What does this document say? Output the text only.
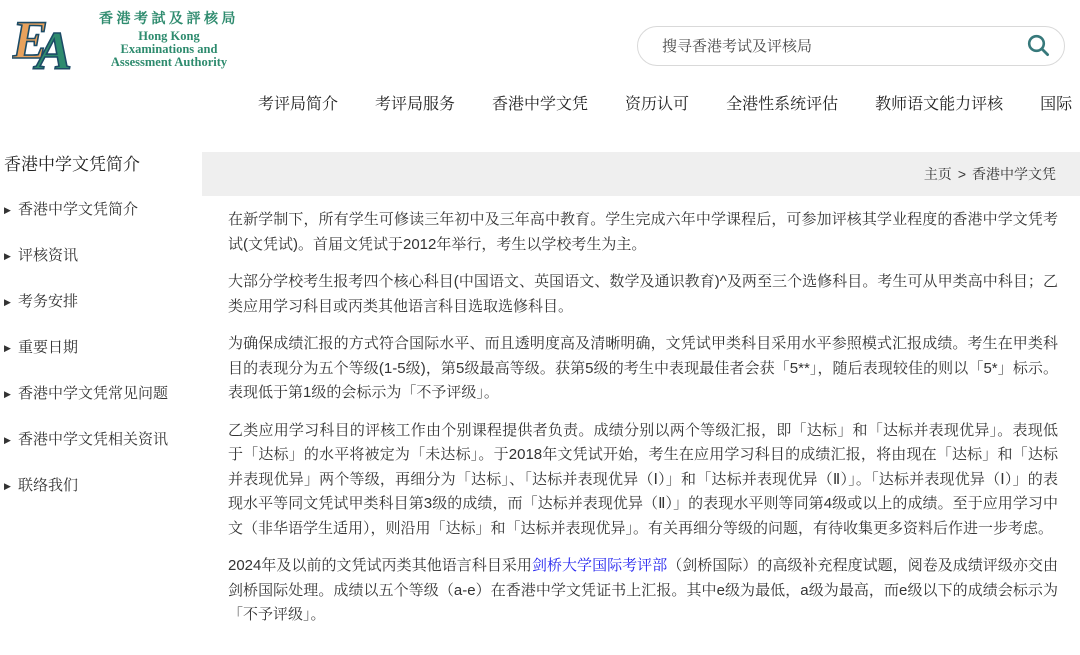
E
A
香港考試及評核局
Hong Kong
Examinations and
Assessment Authority
搜寻香港考试及评核局
考评局简介 考评局服务 香港中学文凭 资历认可 全港性系统评估 教师语文能力评核 国际
主页 > 香港中学文凭
香港中学文凭简介
▶ 香港中学文凭简介
▶ 评核资讯
▶ 考务安排
▶ 重要日期
▶ 香港中学文凭常见问题
▶ 香港中学文凭相关资讯
▶ 联络我们

在新学制下，所有学生可修读三年初中及三年高中教育。学生完成六年中学课程后，可参加评核其学业程度的香港中学文凭考试(文凭试)。首届文凭试于2012年举行，考生以学校考生为主。

大部分学校考生报考四个核心科目(中国语文、英国语文、数学及通识教育)^及两至三个选修科目。考生可从甲类高中科目；乙类应用学习科目或丙类其他语言科目选取选修科目。

为确保成绩汇报的方式符合国际水平、而且透明度高及清晰明确，文凭试甲类科目采用水平参照模式汇报成绩。考生在甲类科目的表现分为五个等级(1-5级)，第5级最高等级。获第5级的考生中表现最佳者会获「5**」，随后表现较佳的则以「5*」标示。表现低于第1级的会标示为「不予评级」。

乙类应用学习科目的评核工作由个别课程提供者负责。成绩分别以两个等级汇报，即「达标」和「达标并表现优异」。表现低于「达标」的水平将被定为「未达标」。于2018年文凭试开始，考生在应用学习科目的成绩汇报，将由现在「达标」和「达标并表现优异」两个等级，再细分为「达标」、「达标并表现优异（Ⅰ）」和「达标并表现优异（Ⅱ）」。「达标并表现优异（Ⅰ）」的表现水平等同文凭试甲类科目第3级的成绩，而「达标并表现优异（Ⅱ）」的表现水平则等同第4级或以上的成绩。至于应用学习中文（非华语学生适用），则沿用「达标」和「达标并表现优异」。有关再细分等级的问题，有待收集更多资料后作进一步考虑。

2024年及以前的文凭试丙类其他语言科目采用剑桥大学国际考评部（剑桥国际）的高级补充程度试题，阅卷及成绩评级亦交由剑桥国际处理。成绩以五个等级（a-e）在香港中学文凭证书上汇报。其中e级为最低，a级为最高，而e级以下的成绩会标示为「不予评级」。
